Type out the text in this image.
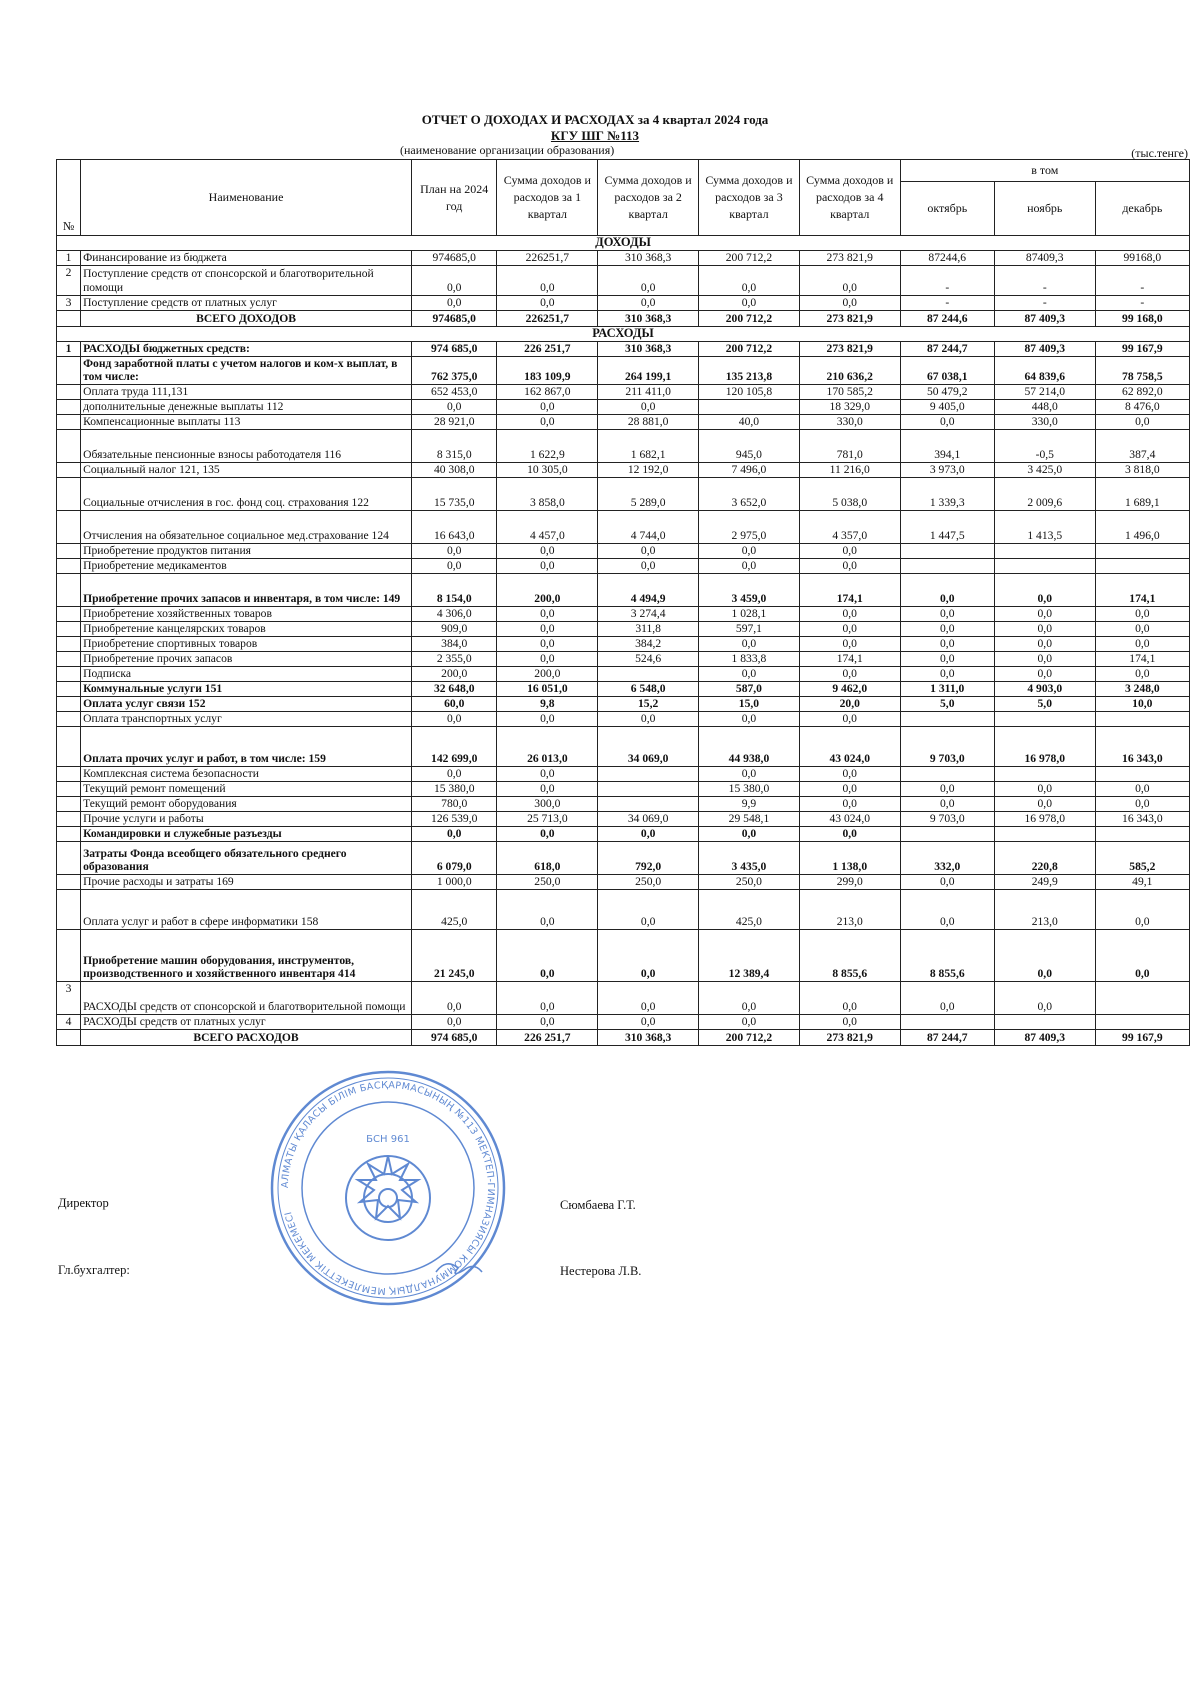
ОТЧЕТ О ДОХОДАХ И РАСХОДАХ за 4 квартал 2024 года
КГУ ШГ №113
(наименование организации образования)	(тыс.тенге)
№	Наименование	План на 2024 год	Сумма доходов и расходов за 1 квартал	Сумма доходов и расходов за 2 квартал	Сумма доходов и расходов за 3 квартал	Сумма доходов и расходов за 4 квартал	в том		
							октябрь	ноябрь	декабрь
ДОХОДЫ									
1	Финансирование из бюджета	974685,0	226251,7	310 368,3	200 712,2	273 821,9	87244,6	87409,3	99168,0
2	Поступление средств от спонсорской и благотворительной помощи	0,0	0,0	0,0	0,0	0,0	-	-	-
3	Поступление средств от платных услуг	0,0	0,0	0,0	0,0	0,0	-	-	-
	ВСЕГО ДОХОДОВ	974685,0	226251,7	310 368,3	200 712,2	273 821,9	87 244,6	87 409,3	99 168,0
РАСХОДЫ									
1	РАСХОДЫ бюджетных средств:	974 685,0	226 251,7	310 368,3	200 712,2	273 821,9	87 244,7	87 409,3	99 167,9
	Фонд заработной платы с учетом налогов и ком-х выплат, в том числе:	762 375,0	183 109,9	264 199,1	135 213,8	210 636,2	67 038,1	64 839,6	78 758,5
	Оплата труда 111,131	652 453,0	162 867,0	211 411,0	120 105,8	170 585,2	50 479,2	57 214,0	62 892,0
	дополнительные денежные выплаты 112	0,0	0,0	0,0		18 329,0	9 405,0	448,0	8 476,0
	Компенсационные выплаты 113	28 921,0	0,0	28 881,0	40,0	330,0	0,0	330,0	0,0
	Обязательные пенсионные взносы работодателя 116	8 315,0	1 622,9	1 682,1	945,0	781,0	394,1	-0,5	387,4
	Социальный налог 121, 135	40 308,0	10 305,0	12 192,0	7 496,0	11 216,0	3 973,0	3 425,0	3 818,0
	Социальные отчисления в гос. фонд соц. страхования 122	15 735,0	3 858,0	5 289,0	3 652,0	5 038,0	1 339,3	2 009,6	1 689,1
	Отчисления на обязательное социальное мед.страхование 124	16 643,0	4 457,0	4 744,0	2 975,0	4 357,0	1 447,5	1 413,5	1 496,0
	Приобретение продуктов питания	0,0	0,0	0,0	0,0	0,0			
	Приобретение медикаментов	0,0	0,0	0,0	0,0	0,0			
	Приобретение прочих запасов и инвентаря, в том числе: 149	8 154,0	200,0	4 494,9	3 459,0	174,1	0,0	0,0	174,1
	Приобретение хозяйственных товаров	4 306,0	0,0	3 274,4	1 028,1	0,0	0,0	0,0	0,0
	Приобретение канцелярских товаров	909,0	0,0	311,8	597,1	0,0	0,0	0,0	0,0
	Приобретение спортивных товаров	384,0	0,0	384,2	0,0	0,0	0,0	0,0	0,0
	Приобретение прочих запасов	2 355,0	0,0	524,6	1 833,8	174,1	0,0	0,0	174,1
	Подписка	200,0	200,0		0,0	0,0	0,0	0,0	0,0
	Коммунальные услуги 151	32 648,0	16 051,0	6 548,0	587,0	9 462,0	1 311,0	4 903,0	3 248,0
	Оплата услуг связи 152	60,0	9,8	15,2	15,0	20,0	5,0	5,0	10,0
	Оплата транспортных услуг	0,0	0,0	0,0	0,0	0,0			
	Оплата прочих услуг и работ, в том числе: 159	142 699,0	26 013,0	34 069,0	44 938,0	43 024,0	9 703,0	16 978,0	16 343,0
	Комплексная система безопасности	0,0	0,0		0,0	0,0			
	Текущий ремонт помещений	15 380,0	0,0		15 380,0	0,0	0,0	0,0	0,0
	Текущий ремонт оборудования	780,0	300,0		9,9	0,0	0,0	0,0	0,0
	Прочие услуги и работы	126 539,0	25 713,0	34 069,0	29 548,1	43 024,0	9 703,0	16 978,0	16 343,0
	Командировки и служебные разъезды	0,0	0,0	0,0	0,0	0,0			
	Затраты Фонда всеобщего обязательного среднего образования	6 079,0	618,0	792,0	3 435,0	1 138,0	332,0	220,8	585,2
	Прочие расходы и затраты 169	1 000,0	250,0	250,0	250,0	299,0	0,0	249,9	49,1
	Оплата услуг и работ в сфере информатики 158	425,0	0,0	0,0	425,0	213,0	0,0	213,0	0,0
	Приобретение машин оборудования, инструментов, производственного и хозяйственного инвентаря 414	21 245,0	0,0	0,0	12 389,4	8 855,6	8 855,6	0,0	0,0
3	РАСХОДЫ средств от спонсорской и благотворительной помощи	0,0	0,0	0,0	0,0	0,0	0,0	0,0	
4	РАСХОДЫ средств от платных услуг	0,0	0,0	0,0	0,0	0,0			
	ВСЕГО РАСХОДОВ	974 685,0	226 251,7	310 368,3	200 712,2	273 821,9	87 244,7	87 409,3	99 167,9
Директор	Сюмбаева Г.Т.
Гл.бухгалтер:	Нестерова Л.В.
АЛМАТЫ ҚАЛАСЫ БІЛІМ БАСҚАРМАСЫНЫҢ №113 МЕКТЕП-ГИМНАЗИЯСЫ КОММУНАЛДЫҚ МЕМЛЕКЕТТІК МЕКЕМЕСІ
БСН 961
